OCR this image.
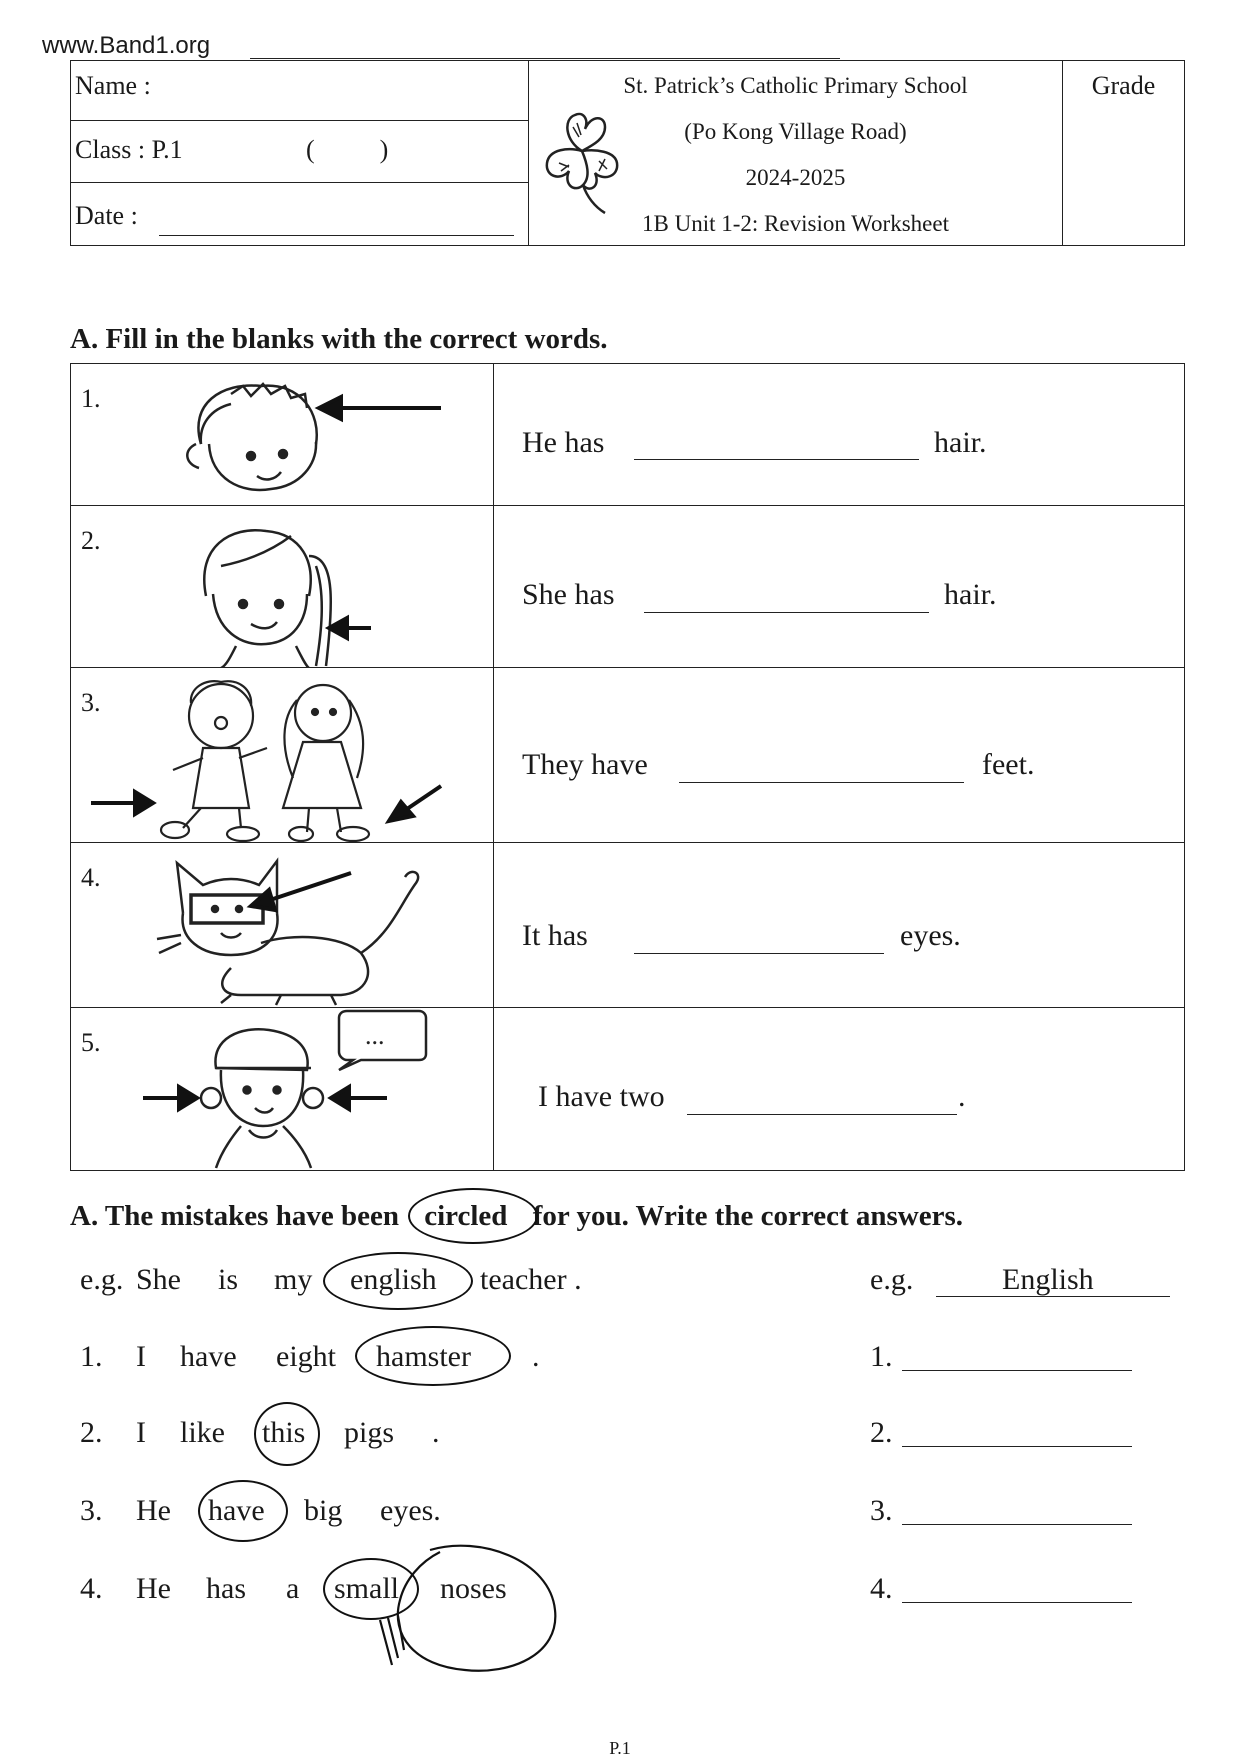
www.Band1.org
Name :
Class : P.1	(          )
Date :
St. Patrick’s Catholic Primary School
(Po Kong Village Road)
2024-2025
1B Unit 1-2: Revision Worksheet
Grade
A. Fill in the blanks with the correct words.
1.
He has	hair.
2.
She has	hair.
3.
They have	feet.
4.
It has	eyes.
5.	...
I have two	.
A. The mistakes have been circled for you. Write the correct answers.
e.g. She is my english teacher .	e.g.	English
1. I have eight hamster .	1.
2. I like this pigs .	2.
3. He have big eyes.	3.
4. He has a small noses	4.
P.1
